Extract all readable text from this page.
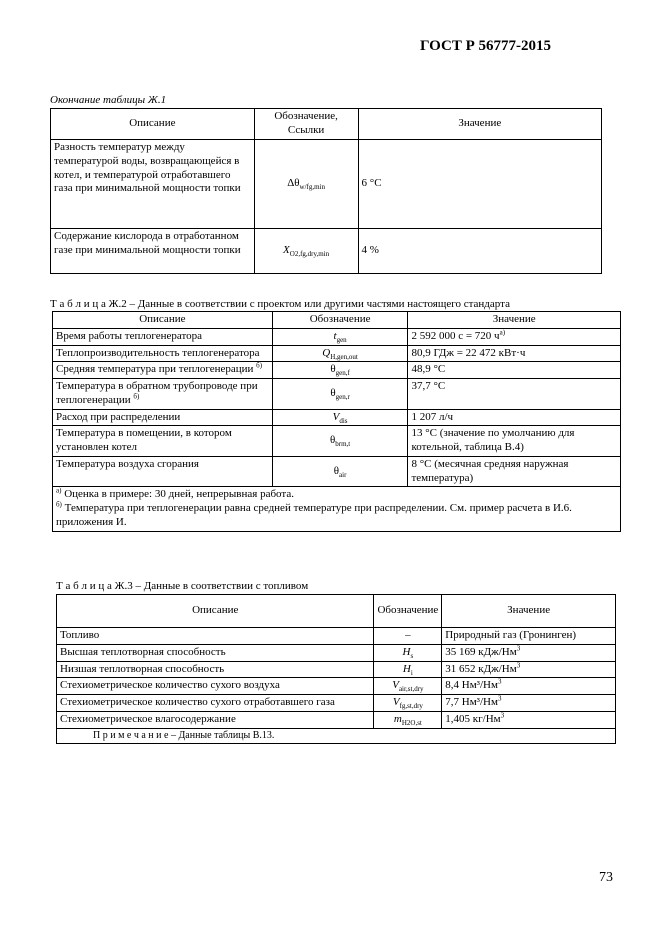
ГОСТ Р 56777-2015
Окончание таблицы Ж.1
Описание	Обозначение, Ссылки	Значение
Разность температур между температурой воды, возвращающейся в котел, и температурой отработавшего газа при минимальной мощности топки	$\Delta\theta_{w/fg,min}$	6 °С
Содержание кислорода в отработанном газе при минимальной мощности топки	$X_{O2,fg,dry,min}$	4 %
Т а б л и ц а Ж.2 – Данные в соответствии с проектом или другими частями настоящего стандарта
Описание	Обозначение	Значение
Время работы теплогенератора	$t_{gen}$	2 592 000 с = 720 $ч^{a)}$
Теплопроизводительность теплогенератора	$Q_{H,gen,out}$	80,9 ГДж = 22 472 кВт·ч
Средняя температура при теплогенерации $^{б)}$	$\theta_{gen,f}$	48,9 °С
Температура в обратном трубопроводе при теплогенерации $^{б)}$	$\theta_{gen,r}$	37,7 °С
Расход при распределении	$V_{dis}$	1 207 л/ч
Температура в помещении, в котором установлен котел	$\theta_{brm,t}$	13 °С (значение по умолчанию для котельной, таблица В.4)
Температура воздуха сгорания	$\theta_{air}$	8 °С (месячная средняя наружная температура)

$^{а)}$ Оценка в примере: 30 дней, непрерывная работа.

$^{б)}$ Температура при теплогенерации равна средней температуре при распределении. См. пример расчета в И.6. приложения И.		

Т а б л и ц а Ж.3 – Данные в соответствии с топливом
Описание	Обозначение	Значение
Топливо	–	Природный газ (Гронинген)
Высшая теплотворная способность	$H_s$	35 169 кДж/$Нм^3$
Низшая теплотворная способность	$H_i$	31 652 кДж/$Нм^3$
Стехиометрическое количество сухого воздуха	$V_{air,st,dry}$	8,4 Нм³/$Нм^3$
Стехиометрическое количество сухого отработавшего газа	$V_{fg,st,dry}$	7,7 Нм³/$Нм^3$
Стехиометрическое влагосодержание	$m_{H2O,st}$	1,405 $кг/Нм^3$
П р и м е ч а н и е – Данные таблицы В.13.		
73
